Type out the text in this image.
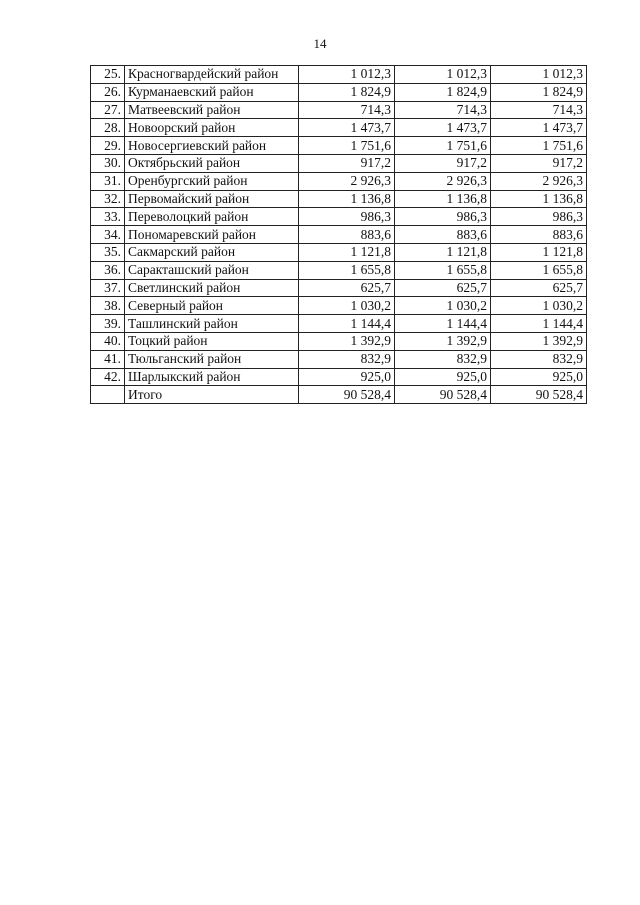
14
25.	Красногвардейский район	1 012,3	1 012,3	1 012,3
26.	Курманаевский район	1 824,9	1 824,9	1 824,9
27.	Матвеевский район	714,3	714,3	714,3
28.	Новоорский район	1 473,7	1 473,7	1 473,7
29.	Новосергиевский район	1 751,6	1 751,6	1 751,6
30.	Октябрьский район	917,2	917,2	917,2
31.	Оренбургский район	2 926,3	2 926,3	2 926,3
32.	Первомайский район	1 136,8	1 136,8	1 136,8
33.	Переволоцкий район	986,3	986,3	986,3
34.	Пономаревский район	883,6	883,6	883,6
35.	Сакмарский район	1 121,8	1 121,8	1 121,8
36.	Саракташский район	1 655,8	1 655,8	1 655,8
37.	Светлинский район	625,7	625,7	625,7
38.	Северный район	1 030,2	1 030,2	1 030,2
39.	Ташлинский район	1 144,4	1 144,4	1 144,4
40.	Тоцкий район	1 392,9	1 392,9	1 392,9
41.	Тюльганский район	832,9	832,9	832,9
42.	Шарлыкский район	925,0	925,0	925,0
	Итого	90 528,4	90 528,4	90 528,4
